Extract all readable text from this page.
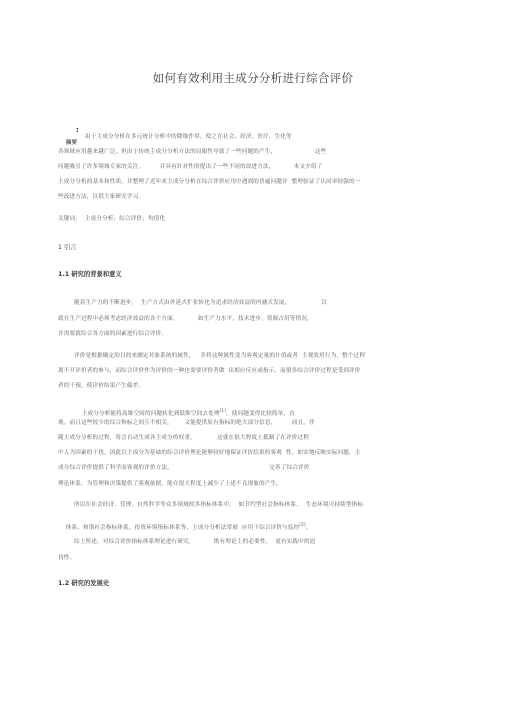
如何有效利用主成分分析进行综合评价

摘要

:
由于主成分分析在多元统计分析中的降维作用，使之在社会、经济、医疗、生化等
各领域应用越来越广泛，但由于传统主成分分析方法的局限性导致了一些问题的产生，                    这些
问题吸引了许多领域专家的关注，        并具有针对性的提出了一些不同的改进方法，          本文介绍了
主成分分析的基本和性质，并整理了近年来主成分分析在综合评价应用中遇到的普遍问题并  整理验证了认同率较强的一
些改进方法，以供大家研究学习。
关键词：  主成分分析；综合评价；均值化
1 引言
1.1 研究的背景和意义
随着生产力的不断进步，  生产方式由外延式扩张转化为追求经济效益的内涵式发展，                以
致在生产过程中必须考虑经济效益的各个方面，          如生产力水平，技术进步，资源占用等情况，
并需要就综合各方面的因素进行综合评价。
评价是根据确定的目的来测定对象系统的属性，   并将这种属性变为客观定量的计值或者  主观效用行为，整个过程
离不开评价者的参与，而综合评价作为评价的一种也需要评价者做  出相应反应或指示，而很多综合评价过程是受到评价
者的干预，使评价结果产生偏差。

主成分分析能将高维空间的问题转化到低维空间去处理[1]，使问题变得比较简单，直

观，而且这些较少的综合指标之间互不相关，      又能提供原有指标的绝大部分信息，        而且，伴
随主成分分析的过程，将会自动生成各主成分的权重，           这就在很大程度上抵制了在评价过程
中人为因素的干扰，因此以主成分为基础的综合评价理论能够较好地保证评价结果的客观  性，如实地反映实际问题，主
成分综合评价提供了科学而客观的评价方法，                                                  完善了综合评价
理论体系，为管理和决策提供了客观依据，能在很大程度上减少了上述不良现象的产生。
所以在社会经济、管理、自然科学等众多领域的多指标体系中，  如节约型社会指标体系、  生态环境可持续型指标

体系、和谐社会指标体系、投资环境指标体系等，主成分分析法常被  应用于综合评价与监控[2]。

综上所述，对综合评价指标体系理论进行研究，          既有理论上的必要性，  更有实践中的迫
切性。
1.2 研究的发展史
